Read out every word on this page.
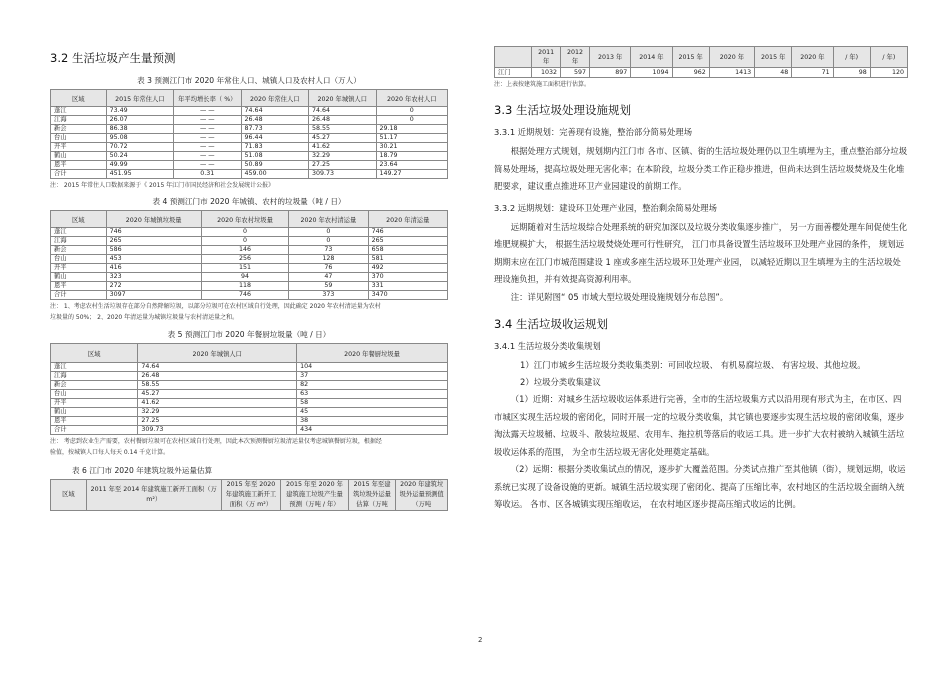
3.2 生活垃圾产生量预测
表 3 预测江门市 2020 年常住人口、城镇人口及农村人口（万人）
区域	2015 年常住人口	年平均增长率（ %）	2020 年常住人口	2020 年城镇人口	2020 年农村人口
蓬江	73.49	— —	74.64	74.64	0
江海	26.07	— —	26.48	26.48	0
新会	86.38	— —	87.73	58.55	29.18
台山	95.08	— —	96.44	45.27	51.17
开平	70.72	— —	71.83	41.62	30.21
鹤山	50.24	— —	51.08	32.29	18.79
恩平	49.99	— —	50.89	27.25	23.64
合计	451.95	0.31	459.00	309.73	149.27
注： 2015 年常住人口数据来源于《 2015 年江门市国民经济和社会发展统计公报》
表 4 预测江门市 2020 年城镇、农村的垃圾量（吨 / 日）
区域	2020 年城镇垃圾量	2020 年农村垃圾量	2020 年农村清运量	2020 年清运量
蓬江	746	0	0	746
江海	265	0	0	265
新会	586	146	73	658
台山	453	256	128	581
开平	416	151	76	492
鹤山	323	94	47	370
恩平	272	118	59	331
合计	3097	746	373	3470
注： 1、考虑农村生活垃圾存在部分自然降解垃圾，以部分垃圾可在农村区域自行处理，因此确定 2020 年农村清运量为农村
垃圾量的 50%； 2、2020 年清运量为城镇垃圾量与农村清运量之和。
表 5 预测江门市 2020 年餐厨垃圾量（吨 / 日）
区域	2020 年城镇人口	2020 年餐厨垃圾量
蓬江	74.64	104
江海	26.48	37
新会	58.55	82
台山	45.27	63
开平	41.62	58
鹤山	32.29	45
恩平	27.25	38
合计	309.73	434
注： 考虑到农业生产需要，农村餐厨垃圾可在农村区域自行处理，因此本次预测餐厨垃圾清运量仅考虑城镇餐厨垃圾，根据经
验值，按城镇人口每人每天 0.14 千克计算。
表 6 江门市 2020 年建筑垃圾外运量估算
区域	2011 年至 2014 年建筑施工新开工面积（万 m²）	2015 年至 2020 年建筑施工新开工面积（万 m²）	2015 年至 2020 年建筑施工垃圾产生量预测（万吨 / 年）	2015 年至建筑垃圾外运量估算（万吨	2020 年建筑垃圾外运量预测值（万吨
	2011 年	2012 年	2013 年	2014 年	2015 年	2020 年	2015 年	2020 年	/ 年)	/ 年)
江门	1032	597	897	1094	962	1413	48	71	98	120
注：上表按建筑施工面积进行估算。
3.3 生活垃圾处理设施规划
3.3.1 近期规划：完善现有设施，整治部分简易处理场
根据处理方式规划，规划期内江门市 各市、区镇、街的生活垃圾处理仍以卫生填埋为主，重点整治部分垃圾简易处理场，提高垃圾处理无害化率；在本阶段，垃圾分类工作正稳步推进，但尚未达到生活垃圾焚烧及生化堆肥要求，建议重点推进环卫产业园建设的前期工作。
3.3.2 远期规划：建设环卫处理产业园，整治剩余简易处理场
远期随着对生活垃圾综合处理系统的研究加深以及垃圾分类收集逐步推广， 另一方面善樱处理车间促使生化堆肥规模扩大， 根据生活垃圾焚烧处理可行性研究， 江门市具备设置生活垃圾环卫处理产业园的条件， 规划远期期末应在江门市城范围建设 1 座或多座生活垃圾环卫处理产业园， 以减轻近期以卫生填埋为主的生活垃圾处理设施负担，并有效提高资源利用率。
注：详见附图“ 05 市域大型垃圾处理设施规划分布总图”。
3.4 生活垃圾收运规划
3.4.1 生活垃圾分类收集规划
1）江门市城乡生活垃圾分类收集类别：可回收垃圾、 有机易腐垃圾、 有害垃圾、其他垃圾。
2）垃圾分类收集建议
（1）近期：对城乡生活垃圾收运体系进行完善，全市的生活垃圾集方式以沿用现有形式为主，在市区、四市城区实现生活垃圾的密闭化，同时开展一定的垃圾分类收集，其它镇也要逐步实现生活垃圾的密闭收集，逐步淘汰露天垃圾桶、垃圾斗、散装垃圾屋、农用车、拖拉机等落后的收运工具。进一步扩大农村被纳入城镇生活垃圾收运体系的范围， 为全市生活垃圾无害化处理奠定基础。
（2）远期：根据分类收集试点的情况，逐步扩大覆盖范围。分类试点推广至其他镇（街），规划远期，收运系统已实现了设备设施的更新。城镇生活垃圾实现了密闭化、提高了压缩比率，农村地区的生活垃圾全面纳入统筹收运。 各市、区各城镇实现压缩收运， 在农村地区逐步提高压缩式收运的比例。
2
